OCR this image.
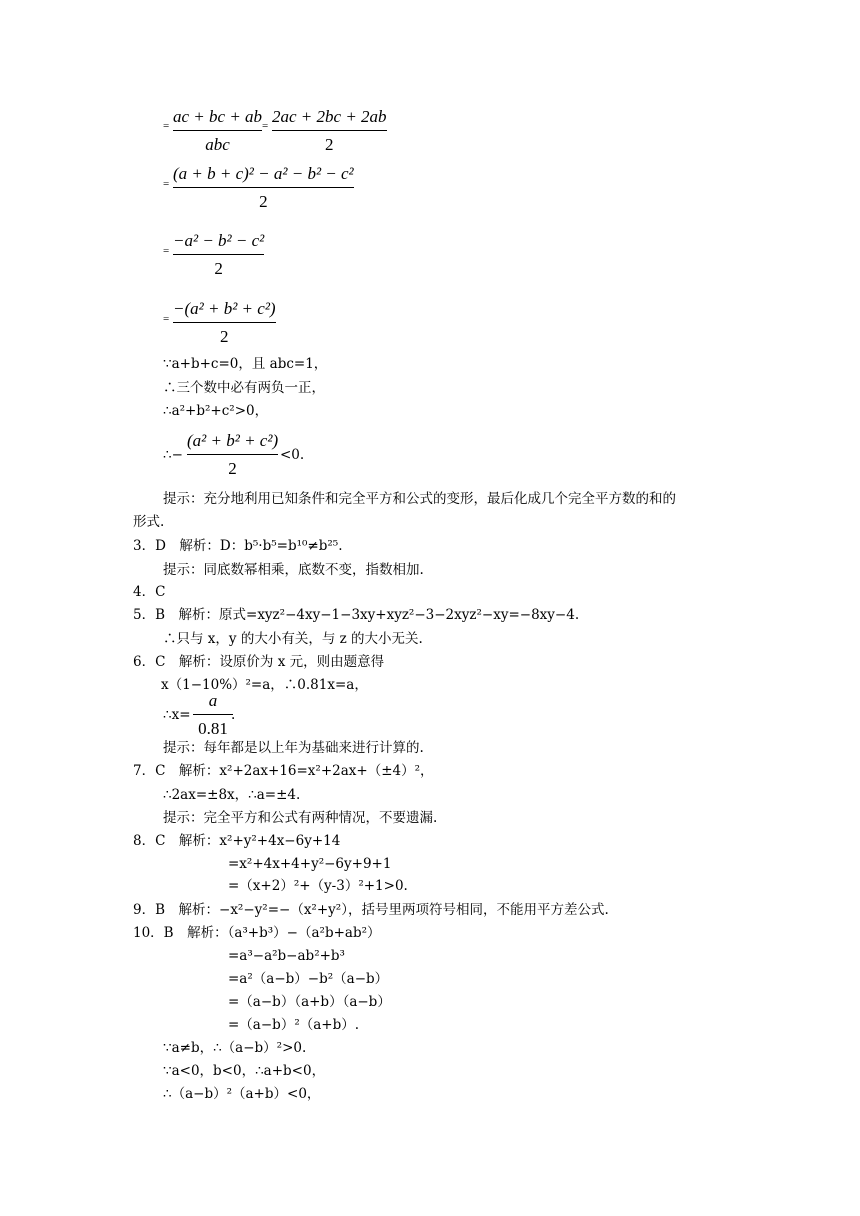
= ac + bc + ab
abc
= 2ac + 2bc + 2ab
2
=
(a + b + c)² − a² − b² − c²
2
=
−a² − b² − c²
2
=
−(a² + b² + c²)
2
∵a+b+c=0，且 abc=1，
∴三个数中必有两负一正，
∴a²+b²+c²>0，
∴−
(a² + b² + c²)
2
<0.
提示：充分地利用已知条件和完全平方和公式的变形，最后化成几个完全平方数的和的
形式.
3．D　解析：D：b⁵·b⁵=b¹⁰≠b²⁵.
提示：同底数幂相乘，底数不变，指数相加.
4．C
5．B　解析：原式=xyz²−4xy−1−3xy+xyz²−3−2xyz²−xy=−8xy−4.
∴只与 x，y 的大小有关，与 z 的大小无关.
6．C　解析：设原价为 x 元，则由题意得
x（1−10%）²=a，∴0.81x=a，
∴x=
a
0.81
.
提示：每年都是以上年为基础来进行计算的.
7．C　解析：x²+2ax+16=x²+2ax+（±4）²，
∴2ax=±8x，∴a=±4.
提示：完全平方和公式有两种情况，不要遗漏.
8．C　解析：x²+y²+4x−6y+14
=x²+4x+4+y²−6y+9+1
=（x+2）²+（y-3）²+1>0.
9．B　解析：−x²−y²=−（x²+y²），括号里两项符号相同，不能用平方差公式.
10．B　解析：（a³+b³）−（a²b+ab²）
=a³−a²b−ab²+b³
=a²（a−b）−b²（a−b）
=（a−b）（a+b）（a−b）
=（a−b）²（a+b）.
∵a≠b，∴（a−b）²>0.
∵a<0，b<0，∴a+b<0，
∴（a−b）²（a+b）<0，
